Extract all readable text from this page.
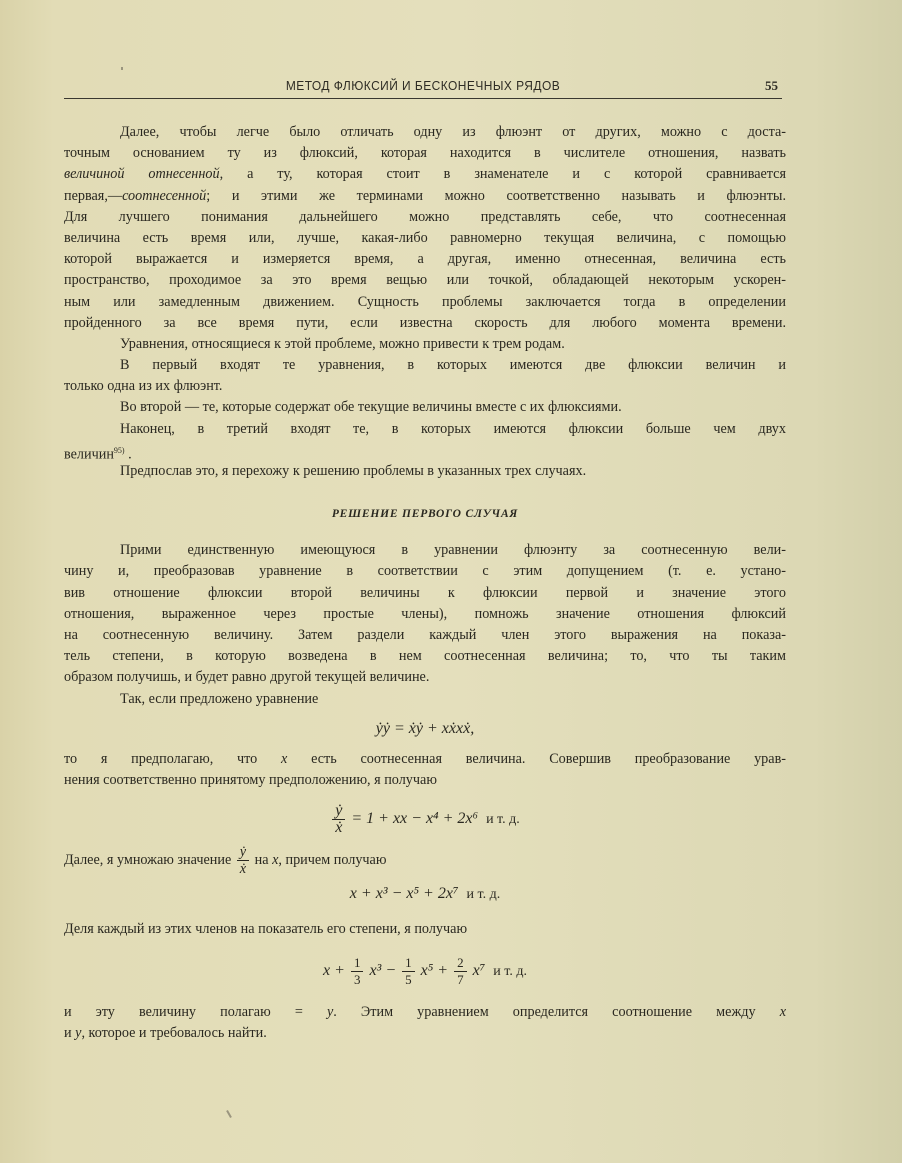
МЕТОД ФЛЮКСИЙ И БЕСКОНЕЧНЫХ РЯДОВ	55
Далее, чтобы легче было отличать одну из флюэнт от других, можно с доста-
точным основанием ту из флюксий, которая находится в числителе отношения, назвать
величиной отнесенной, а ту, которая стоит в знаменателе и с которой сравнивается
первая,—соотнесенной; и этими же терминами можно соответственно называть и флюэнты.
Для лучшего понимания дальнейшего можно представлять себе, что соотнесенная
величина есть время или, лучше, какая-либо равномерно текущая величина, с помощью
которой выражается и измеряется время, а другая, именно отнесенная, величина есть
пространство, проходимое за это время вещью или точкой, обладающей некоторым ускорен-
ным или замедленным движением. Сущность проблемы заключается тогда в определении
пройденного за все время пути, если известна скорость для любого момента времени.
Уравнения, относящиеся к этой проблеме, можно привести к трем родам.
В первый входят те уравнения, в которых имеются две флюксии величин и
только одна из их флюэнт.
Во второй — те, которые содержат обе текущие величины вместе с их флюксиями.
Наконец, в третий входят те, в которых имеются флюксии больше чем двух
величин$^{95)}$ .
Предпослав это, я перехожу к решению проблемы в указанных трех случаях.
РЕШЕНИЕ ПЕРВОГО СЛУЧАЯ
Прими единственную имеющуюся в уравнении флюэнту за соотнесенную вели-
чину и, преобразовав уравнение в соответствии с этим допущением (т. е. устано-
вив отношение флюксии второй величины к флюксии первой и значение этого
отношения, выраженное через простые члены), помножь значение отношения флюксий
на соотнесенную величину. Затем раздели каждый член этого выражения на показа-
тель степени, в которую возведена в нем соотнесенная величина; то, что ты таким
образом получишь, и будет равно другой текущей величине.
Так, если предложено уравнение
ẏẏ = ẋẏ + xẋxẋ,
то я предполагаю, что x есть соотнесенная величина. Совершив преобразование урав-
нения соответственно принятому предположению, я получаю
$\frac{\text{ẏ}}{\text{ẋ}} = 1$ + xx − x⁴ + 2x⁶ и т. д.
Далее, я умножаю значение $\frac{\text{ẏ}}{\text{ẋ}}$ на x, причем получаю
x + x³ − x⁵ + 2x⁷ и т. д.
Деля каждый из этих членов на показатель его степени, я получаю
$x + \frac{1}{3} x^3 - \frac{1}{5} x^5 + \frac{2}{7} x^7$ и т. д.
и эту величину полагаю = y. Этим уравнением определится соотношение между x
и y, которое и требовалось найти.
